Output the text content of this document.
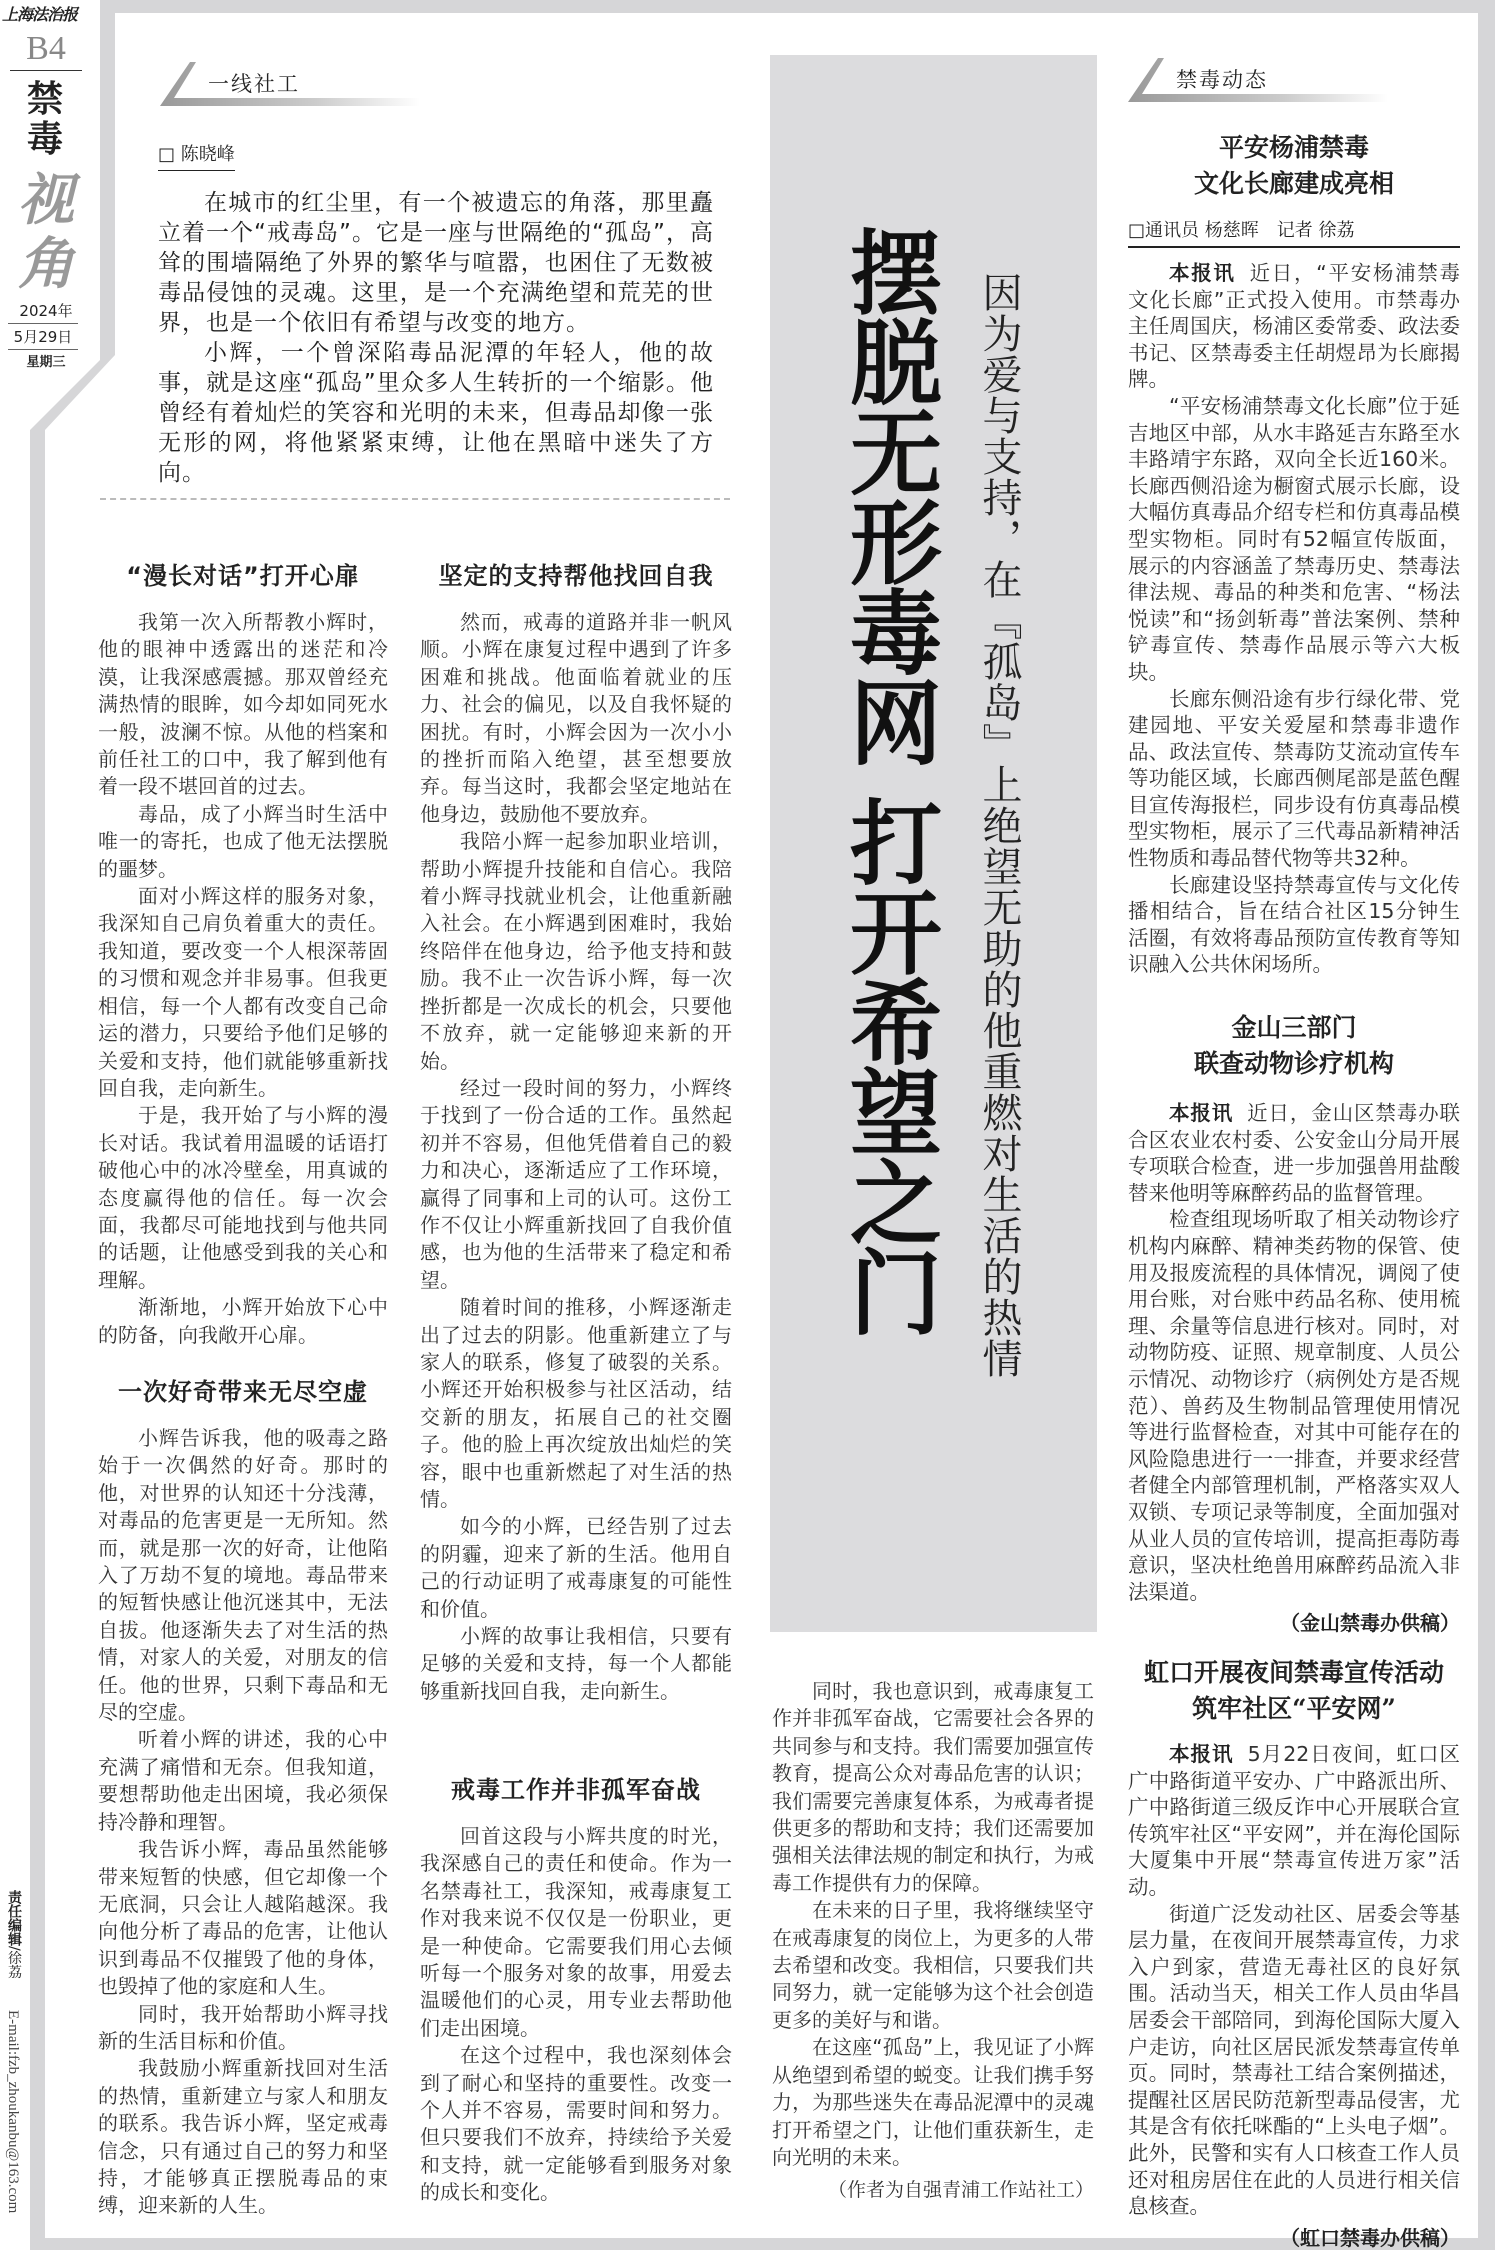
上海法治报
B4
禁毒
视角
2024年
5月29日
星期三
责任编辑/徐荔
E-mail:fzb_zhoukanbu@163.com
一线社工
□ 陈晓峰

在城市的红尘里，有一个被遗忘的角落，那里矗立着一个“戒毒岛”。它是一座与世隔绝的“孤岛”，高耸的围墙隔绝了外界的繁华与喧嚣，也困住了无数被毒品侵蚀的灵魂。这里，是一个充满绝望和荒芜的世界，也是一个依旧有希望与改变的地方。

小辉，一个曾深陷毒品泥潭的年轻人，他的故事，就是这座“孤岛”里众多人生转折的一个缩影。他曾经有着灿烂的笑容和光明的未来，但毒品却像一张无形的网，将他紧紧束缚，让他在黑暗中迷失了方向。	摆脱无形毒网 打开希望之门 因为爱与支持，在『孤岛』上绝望无助的他重燃对生活的热情
“漫长对话”打开心扉

我第一次入所帮教小辉时，他的眼神中透露出的迷茫和冷漠，让我深感震撼。那双曾经充满热情的眼眸，如今却如同死水一般，波澜不惊。从他的档案和前任社工的口中，我了解到他有着一段不堪回首的过去。

毒品，成了小辉当时生活中唯一的寄托，也成了他无法摆脱的噩梦。

面对小辉这样的服务对象，我深知自己肩负着重大的责任。我知道，要改变一个人根深蒂固的习惯和观念并非易事。但我更相信，每一个人都有改变自己命运的潜力，只要给予他们足够的关爱和支持，他们就能够重新找回自我，走向新生。

于是，我开始了与小辉的漫长对话。我试着用温暖的话语打破他心中的冰冷壁垒，用真诚的态度赢得他的信任。每一次会面，我都尽可能地找到与他共同的话题，让他感受到我的关心和理解。

渐渐地，小辉开始放下心中的防备，向我敞开心扉。

一次好奇带来无尽空虚

小辉告诉我，他的吸毒之路始于一次偶然的好奇。那时的他，对世界的认知还十分浅薄，对毒品的危害更是一无所知。然而，就是那一次的好奇，让他陷入了万劫不复的境地。毒品带来的短暂快感让他沉迷其中，无法自拔。他逐渐失去了对生活的热情，对家人的关爱，对朋友的信任。他的世界，只剩下毒品和无尽的空虚。

听着小辉的讲述，我的心中充满了痛惜和无奈。但我知道，要想帮助他走出困境，我必须保持冷静和理智。

我告诉小辉，毒品虽然能够带来短暂的快感，但它却像一个无底洞，只会让人越陷越深。我向他分析了毒品的危害，让他认识到毒品不仅摧毁了他的身体，也毁掉了他的家庭和人生。

同时，我开始帮助小辉寻找新的生活目标和价值。

我鼓励小辉重新找回对生活的热情，重新建立与家人和朋友的联系。我告诉小辉，坚定戒毒信念，只有通过自己的努力和坚持，才能够真正摆脱毒品的束缚，迎来新的人生。

坚定的支持帮他找回自我

然而，戒毒的道路并非一帆风顺。小辉在康复过程中遇到了许多困难和挑战。他面临着就业的压力、社会的偏见，以及自我怀疑的困扰。有时，小辉会因为一次小小的挫折而陷入绝望，甚至想要放弃。每当这时，我都会坚定地站在他身边，鼓励他不要放弃。

我陪小辉一起参加职业培训，帮助小辉提升技能和自信心。我陪着小辉寻找就业机会，让他重新融入社会。在小辉遇到困难时，我始终陪伴在他身边，给予他支持和鼓励。我不止一次告诉小辉，每一次挫折都是一次成长的机会，只要他不放弃，就一定能够迎来新的开始。

经过一段时间的努力，小辉终于找到了一份合适的工作。虽然起初并不容易，但他凭借着自己的毅力和决心，逐渐适应了工作环境，赢得了同事和上司的认可。这份工作不仅让小辉重新找回了自我价值感，也为他的生活带来了稳定和希望。

随着时间的推移，小辉逐渐走出了过去的阴影。他重新建立了与家人的联系，修复了破裂的关系。小辉还开始积极参与社区活动，结交新的朋友，拓展自己的社交圈子。他的脸上再次绽放出灿烂的笑容，眼中也重新燃起了对生活的热情。

如今的小辉，已经告别了过去的阴霾，迎来了新的生活。他用自己的行动证明了戒毒康复的可能性和价值。

小辉的故事让我相信，只要有足够的关爱和支持，每一个人都能够重新找回自我，走向新生。

戒毒工作并非孤军奋战

回首这段与小辉共度的时光，我深感自己的责任和使命。作为一名禁毒社工，我深知，戒毒康复工作对我来说不仅仅是一份职业，更是一种使命。它需要我们用心去倾听每一个服务对象的故事，用爱去温暖他们的心灵，用专业去帮助他们走出困境。

在这个过程中，我也深刻体会到了耐心和坚持的重要性。改变一个人并不容易，需要时间和努力。但只要我们不放弃，持续给予关爱和支持，就一定能够看到服务对象的成长和变化。

同时，我也意识到，戒毒康复工作并非孤军奋战，它需要社会各界的共同参与和支持。我们需要加强宣传教育，提高公众对毒品危害的认识；我们需要完善康复体系，为戒毒者提供更多的帮助和支持；我们还需要加强相关法律法规的制定和执行，为戒毒工作提供有力的保障。

在未来的日子里，我将继续坚守在戒毒康复的岗位上，为更多的人带去希望和改变。我相信，只要我们共同努力，就一定能够为这个社会创造更多的美好与和谐。

在这座“孤岛”上，我见证了小辉从绝望到希望的蜕变。让我们携手努力，为那些迷失在毒品泥潭中的灵魂打开希望之门，让他们重获新生，走向光明的未来。

（作者为自强青浦工作站社工）
禁毒动态
平安杨浦禁毒
文化长廊建成亮相
□通讯员 杨慈晖　记者 徐荔

本报讯 近日，“平安杨浦禁毒文化长廊”正式投入使用。市禁毒办主任周国庆，杨浦区委常委、政法委书记、区禁毒委主任胡煜昂为长廊揭牌。

“平安杨浦禁毒文化长廊”位于延吉地区中部，从水丰路延吉东路至水丰路靖宇东路，双向全长近160米。长廊西侧沿途为橱窗式展示长廊，设大幅仿真毒品介绍专栏和仿真毒品模型实物柜。同时有52幅宣传版面，展示的内容涵盖了禁毒历史、禁毒法律法规、毒品的种类和危害、“杨法悦读”和“扬剑斩毒”普法案例、禁种铲毒宣传、禁毒作品展示等六大板块。

长廊东侧沿途有步行绿化带、党建园地、平安关爱屋和禁毒非遗作品、政法宣传、禁毒防艾流动宣传车等功能区域，长廊西侧尾部是蓝色醒目宣传海报栏，同步设有仿真毒品模型实物柜，展示了三代毒品新精神活性物质和毒品替代物等共32种。

长廊建设坚持禁毒宣传与文化传播相结合，旨在结合社区15分钟生活圈，有效将毒品预防宣传教育等知识融入公共休闲场所。

金山三部门
联查动物诊疗机构

本报讯 近日，金山区禁毒办联合区农业农村委、公安金山分局开展专项联合检查，进一步加强兽用盐酸替来他明等麻醉药品的监督管理。

检查组现场听取了相关动物诊疗机构内麻醉、精神类药物的保管、使用及报废流程的具体情况，调阅了使用台账，对台账中药品名称、使用梳理、余量等信息进行核对。同时，对动物防疫、证照、规章制度、人员公示情况、动物诊疗（病例处方是否规范）、兽药及生物制品管理使用情况等进行监督检查，对其中可能存在的风险隐患进行一一排查，并要求经营者健全内部管理机制，严格落实双人双锁、专项记录等制度，全面加强对从业人员的宣传培训，提高拒毒防毒意识，坚决杜绝兽用麻醉药品流入非法渠道。

（金山禁毒办供稿）
虹口开展夜间禁毒宣传活动
筑牢社区“平安网”

本报讯 5月22日夜间，虹口区广中路街道平安办、广中路派出所、广中路街道三级反诈中心开展联合宣传筑牢社区“平安网”，并在海伦国际大厦集中开展“禁毒宣传进万家”活动。

街道广泛发动社区、居委会等基层力量，在夜间开展禁毒宣传，力求入户到家，营造无毒社区的良好氛围。活动当天，相关工作人员由华昌居委会干部陪同，到海伦国际大厦入户走访，向社区居民派发禁毒宣传单页。同时，禁毒社工结合案例描述，提醒社区居民防范新型毒品侵害，尤其是含有依托咪酯的“上头电子烟”。此外，民警和实有人口核查工作人员还对租房居住在此的人员进行相关信息核查。

（虹口禁毒办供稿）
